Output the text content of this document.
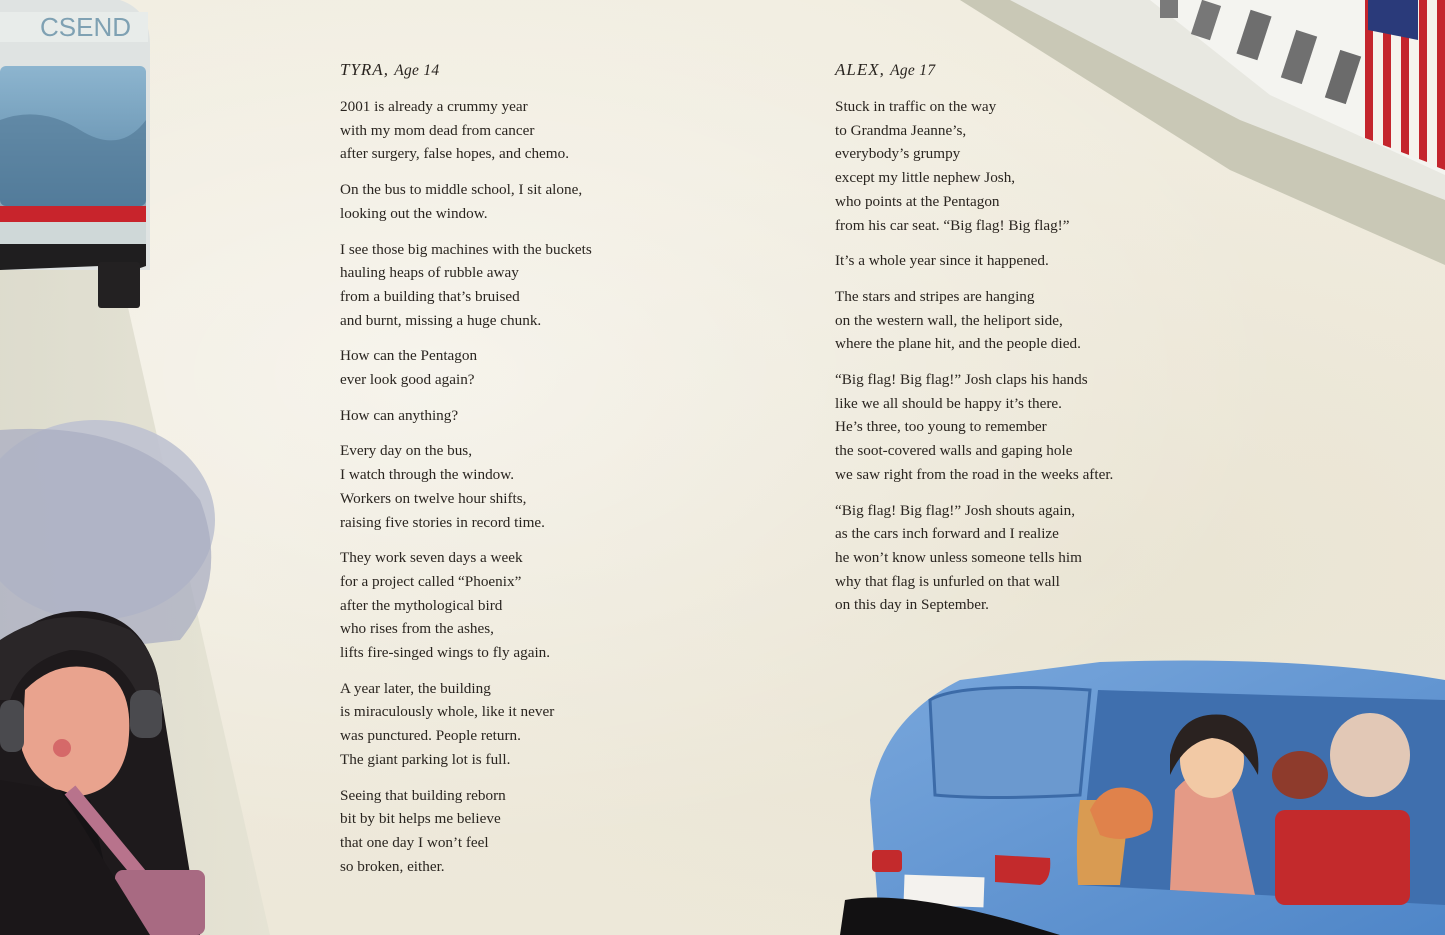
CSEND
TYRA, Age 14
2001 is already a crummy year
with my mom dead from cancer
after surgery, false hopes, and chemo.
On the bus to middle school, I sit alone,
looking out the window.
I see those big machines with the buckets
hauling heaps of rubble away
from a building that’s bruised
and burnt, missing a huge chunk.
How can the Pentagon
ever look good again?
How can anything?
Every day on the bus,
I watch through the window.
Workers on twelve hour shifts,
raising five stories in record time.
They work seven days a week
for a project called “Phoenix”
after the mythological bird
who rises from the ashes,
lifts fire-singed wings to fly again.
A year later, the building
is miraculously whole, like it never
was punctured. People return.
The giant parking lot is full.
Seeing that building reborn
bit by bit helps me believe
that one day I won’t feel
so broken, either.
ALEX, Age 17
Stuck in traffic on the way
to Grandma Jeanne’s,
everybody’s grumpy
except my little nephew Josh,
who points at the Pentagon
from his car seat. “Big flag! Big flag!”
It’s a whole year since it happened.
The stars and stripes are hanging
on the western wall, the heliport side,
where the plane hit, and the people died.
“Big flag! Big flag!” Josh claps his hands
like we all should be happy it’s there.
He’s three, too young to remember
the soot-covered walls and gaping hole
we saw right from the road in the weeks after.
“Big flag! Big flag!” Josh shouts again,
as the cars inch forward and I realize
he won’t know unless someone tells him
why that flag is unfurled on that wall
on this day in September.
